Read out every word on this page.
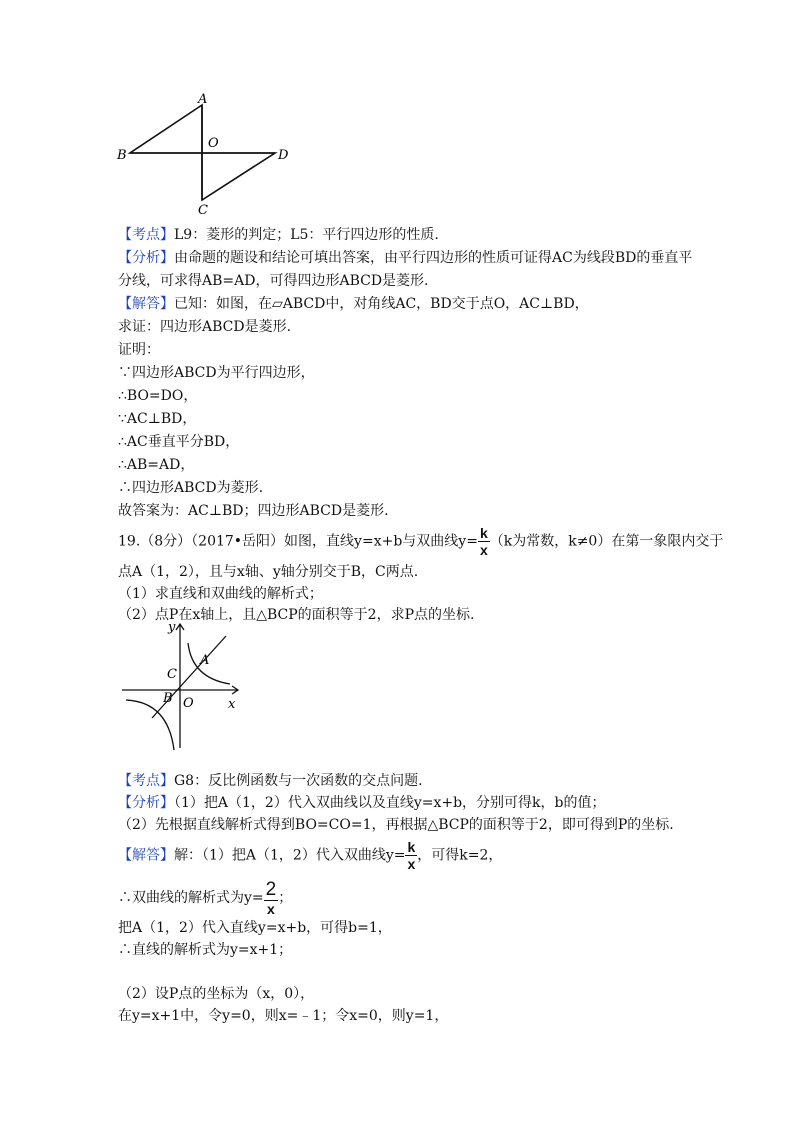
A
B	D
C
O
【考点】L9：菱形的判定；L5：平行四边形的性质.
【分析】由命题的题设和结论可填出答案，由平行四边形的性质可证得AC为线段BD的垂直平
分线，可求得AB=AD，可得四边形ABCD是菱形.
【解答】已知：如图，在▱ABCD中，对角线AC，BD交于点O，AC⊥BD，
求证：四边形ABCD是菱形.
证明：
∵四边形ABCD为平行四边形，
∴BO=DO，
∵AC⊥BD，
∴AC垂直平分BD，
∴AB=AD，
∴四边形ABCD为菱形.
故答案为：AC⊥BD；四边形ABCD是菱形.
19.（8分）（2017•岳阳）如图，直线y=x+b与双曲线$y= \frac{k}{x} (k$为常数，k≠0）在第一象限内交于
点A（1，2），且与x轴、y轴分别交于B，C两点.
（1）求直线和双曲线的解析式；
（2）点P在x轴上，且△BCP的面积等于2，求P点的坐标.
y
x
A
C
B O
【考点】G8：反比例函数与一次函数的交点问题.
【分析】（1）把A（1，2）代入双曲线以及直线y=x+b，分别可得k，b的值；
（2）先根据直线解析式得到BO=CO=1，再根据△BCP的面积等于2，即可得到P的坐标.
【解答】解：（1）把A（1，2）代入双曲线$y= \frac{k}{x}$ ，可得k=2，
∴双曲线的解析式为$y= \frac{2}{x}$ ；
把A（1，2）代入直线y=x+b，可得b=1，
∴直线的解析式为y=x+1；
（2）设P点的坐标为（x，0），
在y=x+1中，令y=0，则x=﹣1；令x=0，则y=1，
